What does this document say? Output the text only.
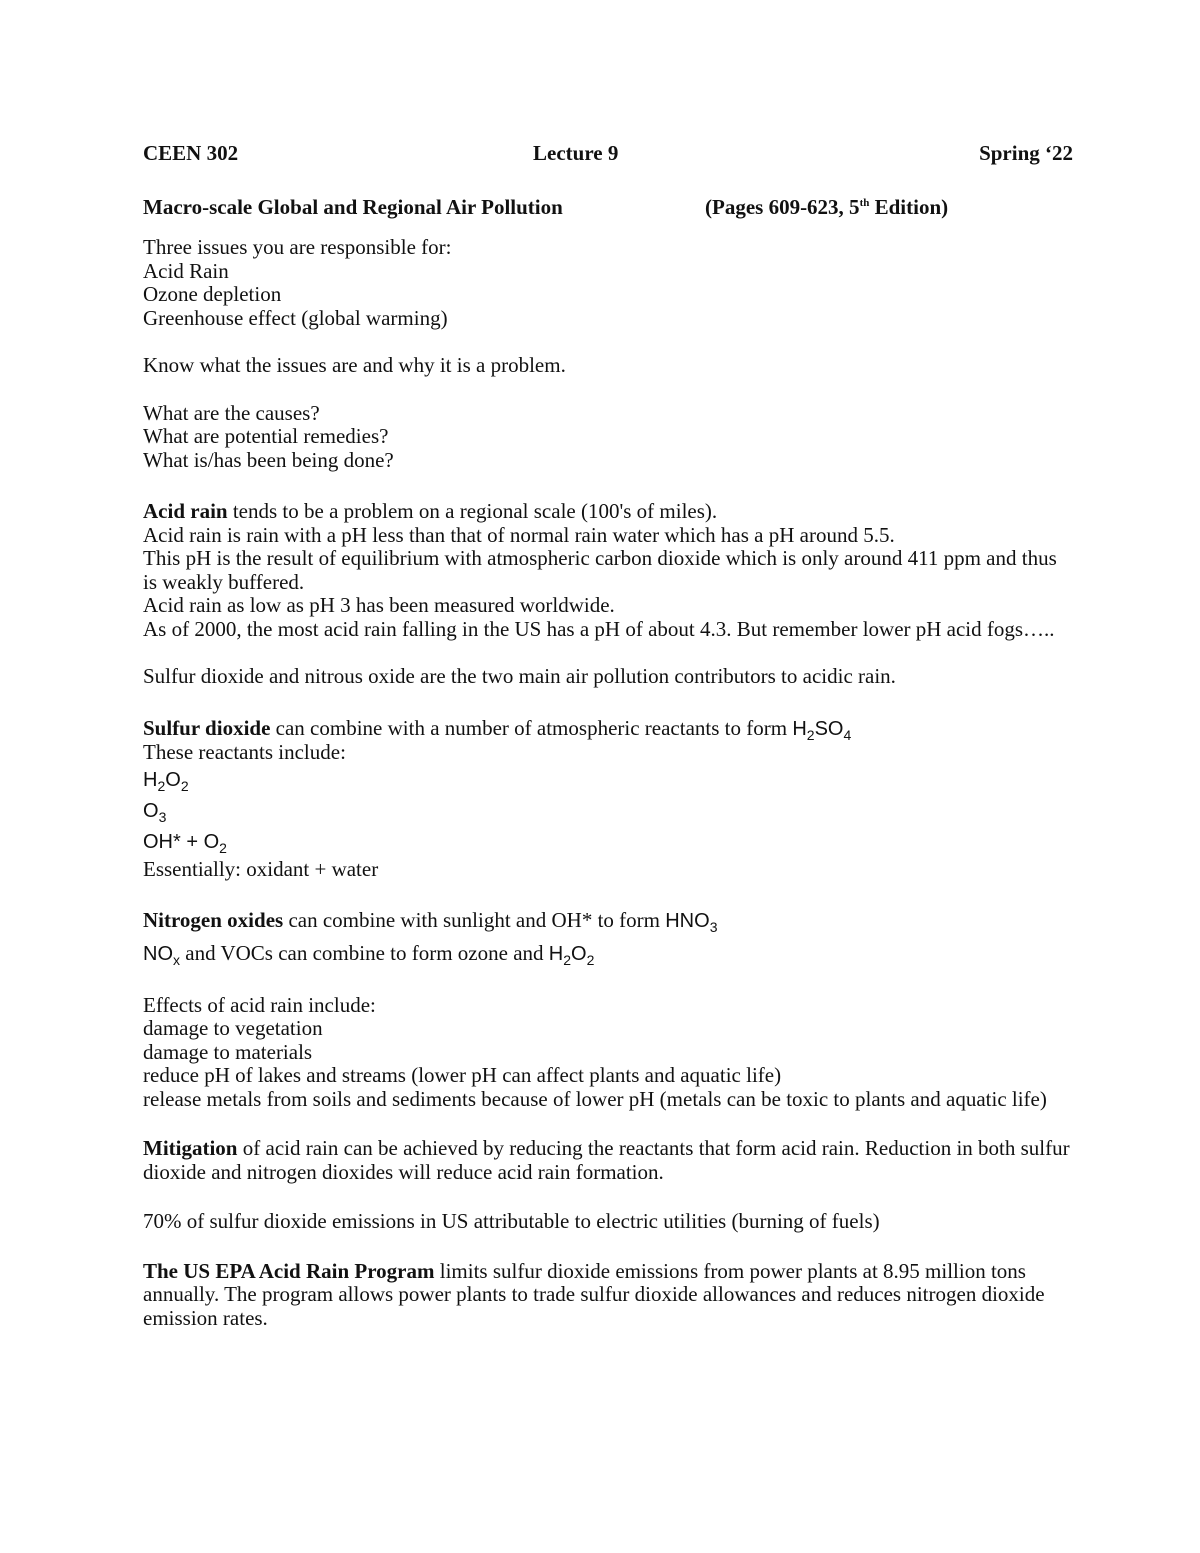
CEEN 302	Lecture 9	Spring ‘22
Macro-scale Global and Regional Air Pollution	(Pages 609-623, 5th Edition)

Three issues you are responsible for:

Acid Rain

Ozone depletion

Greenhouse effect (global warming)

Know what the issues are and why it is a problem.

What are the causes?

What are potential remedies?

What is/has been being done?

Acid rain tends to be a problem on a regional scale (100's of miles).

Acid rain is rain with a pH less than that of normal rain water which has a pH around 5.5.

This pH is the result of equilibrium with atmospheric carbon dioxide which is only around 411 ppm and thus is weakly buffered.

Acid rain as low as pH 3 has been measured worldwide.

As of 2000, the most acid rain falling in the US has a pH of about 4.3. But remember lower pH acid fogs…..

Sulfur dioxide and nitrous oxide are the two main air pollution contributors to acidic rain.

Sulfur dioxide can combine with a number of atmospheric reactants to form $H_2SO_4$

These reactants include:

$H_2O_2$

$O_3$

$OH* + O_2$

Essentially: oxidant + water

Nitrogen oxides can combine with sunlight and OH* to form $HNO_3$

$NO_x$ and VOCs can combine to form ozone and $H_2O_2$

Effects of acid rain include:

damage to vegetation

damage to materials

reduce pH of lakes and streams (lower pH can affect plants and aquatic life)

release metals from soils and sediments because of lower pH (metals can be toxic to plants and aquatic life)

Mitigation of acid rain can be achieved by reducing the reactants that form acid rain. Reduction in both sulfur dioxide and nitrogen dioxides will reduce acid rain formation.

70% of sulfur dioxide emissions in US attributable to electric utilities (burning of fuels)

The US EPA Acid Rain Program limits sulfur dioxide emissions from power plants at 8.95 million tons annually. The program allows power plants to trade sulfur dioxide allowances and reduces nitrogen dioxide emission rates.
